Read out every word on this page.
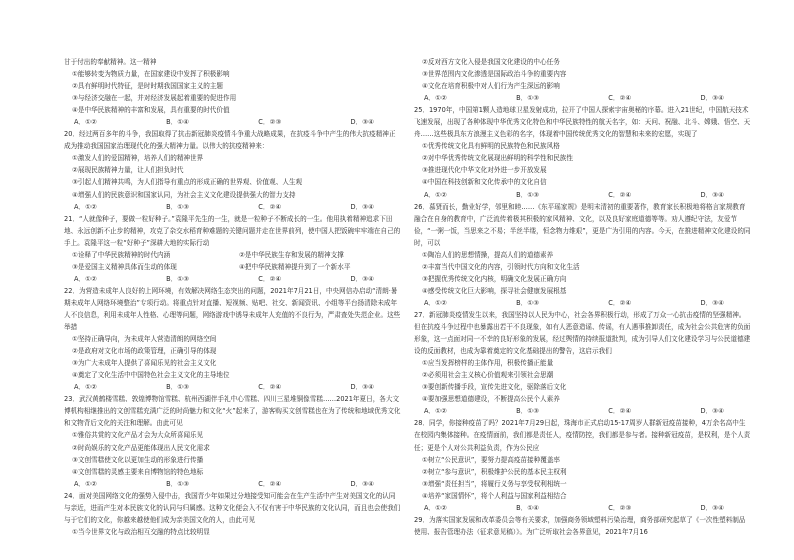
甘于付出的奉献精神。这一精神

①能够转变为物质力量，在国家建设中发挥了积极影响
②具有鲜明时代特征，是时时期我国国家主义的主题
③与经济交融在一起，并对经济发展起着重要的促进作用
④是中华民族精神的丰富和发展，具有重要的时代价值
A．①②	B．①④	C．②③	D．③④

20．经过两百多年的斗争，我国取得了抗击新冠肺炎疫情斗争重大战略成果，在抗疫斗争中产生的伟大抗疫精神正成为推动我国国家治理现代化的强大精神力量。以伟大的抗疫精神来：

①激发人们的爱国精神，培养人们的精神世界
②展现民族精神力量，让人们担负时代
③引起人们精神共鸣，为人们指导有重点的形成正确的世界观、价值观、人生观
④增强人们的民族意识和国家认同，为社会主义文化建设提供强大的智力支持
A．①②	B．①③	C．②④	D．③④

21．“人就像种子，要做一粒好种子。”袁隆平先生的一生，就是一粒种子不断成长的一生。他用执着精神追求下田地、永远创新不止步的精神，攻克了杂交水稻育种难题的关键问题并走在世界前列，使中国人把饭碗牢牢端在自己的手上。袁隆平这一粒“好种子”深耕大地的实际行动

①诠释了中华民族精神的时代内涵	②是中华民族生存和发展的精神支撑
③是爱国主义精神具体而生动的体现	④把中华民族精神提升到了一个新水平
A．①②	B．①③	C．②④	D．③④

22．为营造未成年人良好的上网环境，有效解决网络生态突出的问题，2021年7月21日，中央网信办启动“清朗·暑期未成年人网络环境整治”专项行动。将重点针对直播、短视频、贴吧、社交、新闻资讯、小组等平台扬清除未成年人不良信息，利用未成年人性格、心理等问题，网络游戏中诱导未成年人充值的不良行为，严肃查处失范企业。这些举措

①坚持正确导向，为未成年人营造清朗的网络空间
②是政府对文化市场的政策管理，正确引导的体现
③为广大未成年人提供了喜闻乐见的社会主义文化
④奠定了文化生活中中国特色社会主义文化的主导地位
A．①②	B．①③	C．②④	D．③④

23．武汉黄鹤楼雪糕、敦煌博物馆雪糕、杭州西湖伴手礼中心雪糕、四川三星堆铜像雪糕……2021年夏日，各大文博机构相继推出的文创雪糕充满广泛的时尚魅力和文化“火”起来了，游客购买文创雪糕也在为了传统和地域优秀文化和文物背后文化的关注和理解。由此可见

①雅俗共赏的文化产品才会为大众所喜闻乐见
②时尚娱乐的文化产品更能体现出人民文化需求
③文创雪糕使文化以更加生动的形象进行传播
④文创雪糕的灵感主要来自博物馆的特色地标
A．①②	B．①③	C．②④	D．③④

24．面对美国网络文化的强势入侵中击，我国青少年如果过分地接受知可能会在生产生活中产生对美国文化的认同与亲近，进而产生对本民族文化的认同与归属感。这种文化便会入不仅有害于中华民族的文化认同，而且也会使我们与于它们的文化，你越来越使他们成为亲美国文化的人，由此可见

①当今世界文化与政治相互交融的特点比较明显
②反对西方文化入侵是我国文化建设的中心任务
③世界范围内文化渗透是国际政治斗争的重要内容
④文化在培育积极中对人们行为产生深远的影响
A．①②	B．①③	C．②④	D．③④

25．1970年，中国第1颗人造地球卫星发射成功，拉开了中国人探索宇宙奥秘的序幕。进入21世纪，中国航天技术飞速发展，出现了各种体现中华优秀文化特色和中华民族特性的航天名字，如：天问、祝融、北斗、嫦娥、悟空、天舟……这些极具东方浪漫主义色彩的名字，体现着中国传统优秀文化的智慧和未来的宏愿，实现了

①优秀传统文化具有鲜明的民族特色和民族风格
②对中华优秀传统文化展现出鲜明的科学性和民族性
③推进现代化中华文化对外进一步开放发展
④中国在科技创新和文化传承中的文化自信
A．①②	B．①③	C．②④	D．③④

26．慕贤而长，勤业好学，邻里和睦……《东平瑶家规》是明末清初的重要著作，教育家长积极地将格言家规教育融合在自身的教育中，广泛流传着极其积极的家风精神、文化，以及良好家庭道德等等。劝人遵纪守法，友爱节俭，“一粥一饭，当思来之不易；半丝半缕，恒念物力维艰”，更是广为引用的内容。今天，在推进精神文化建设的同时，可以

①陶冶人们的思想情操，提高人们的道德素养
②丰富当代中国文化的内容，引领时代方向和文化生活
③把握优秀传统文化内核，明确文化发展正确方向
④感受传统文化巨大影响，探寻社会健康发展根基
A．①②	B．①③	C．②④	D．③④

27．新冠肺炎疫情发生以来，我国坚持以人民为中心，社会各界积极行动，形成了万众一心抗击疫情的坚强精神。但在抗疫斗争过程中也暴露出若干不良现象，如有人恶意造谣、传谣，有人遇事推卸责任，成为社会公共危害的负面形象，这一点面对同一不幸的良好形象的发展，经过舆情的持续报道批判，成为引导人们文化建设学习与公民道德建设的反面教材，也成为靠着奠定的文化基础提出的警告，这启示我们

①应当发挥榜样的主体作用，积极传播正能量
②必须用社会主义核心价值观来引领社会思潮
③要创新传播手段，宣传先进文化，驱除落后文化
④要加强思想道德建设，不断提高公民个人素养
A．①②	B．①③	C．②④	D．③④

28．同学，你接种疫苗了吗？2021年7月29日起，珠海市正式启动15-17周岁人群新冠疫苗接种，4万余名高中生在校园内集体接种。在疫情面前，我们都是责任人，疫情防控，我们都是参与者。接种新冠疫苗，是权利，是个人责任；更是个人对公共利益负责，作为公民应

①树立“公民意识”，要努力提高疫苗接种覆盖率
②树立“参与意识”，积极维护公民的基本民主权利
③增强“责任担当”，将履行义务与享受权利相统一
④培养“家国情怀”，将个人利益与国家利益相结合
A．①②	B．①④	C．②③	D．③④

29．为落实国家发展和改革委员会等有关要求，加强商务领域塑料污染治理，商务部研究起草了《一次性塑料制品使用、报告管理办法（征求意见稿）》。为广泛听取社会各界意见，2021年7月16
